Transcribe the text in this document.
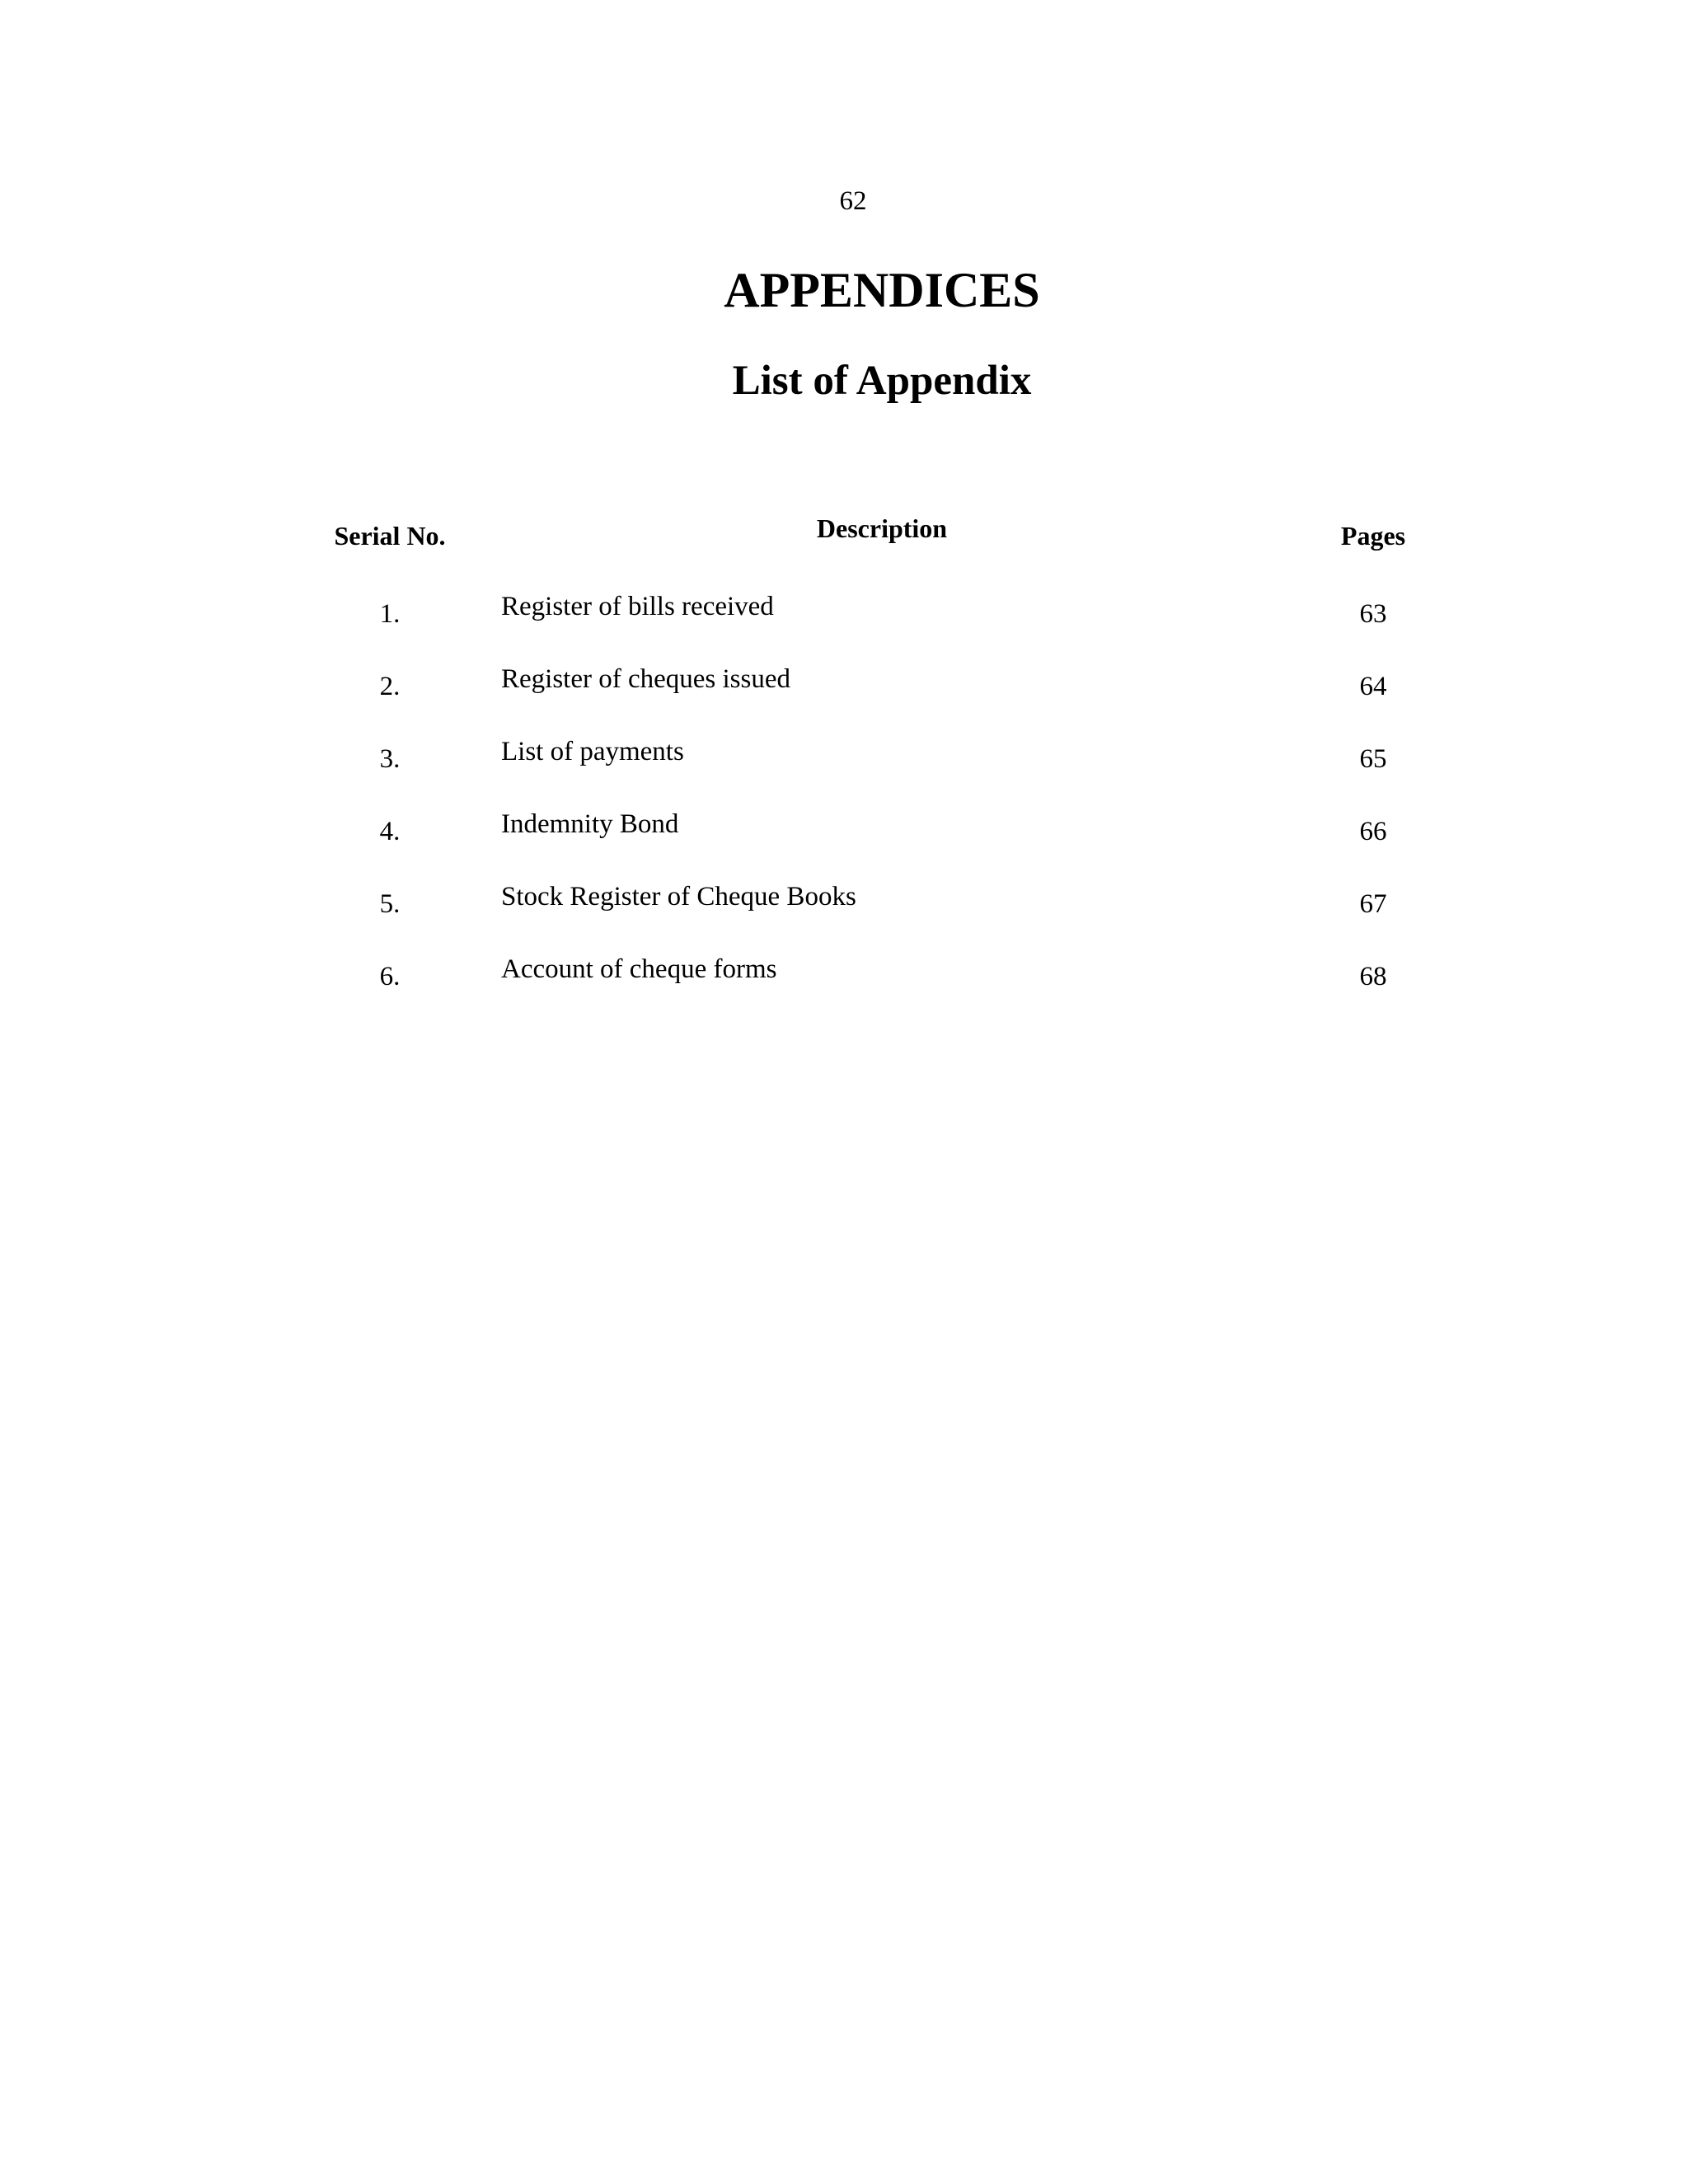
62
APPENDICES
List of Appendix
Serial No.	Description	Pages
1.	Register of bills received	63
2.	Register of cheques issued	64
3.	List of payments	65
4.	Indemnity Bond	66
5.	Stock Register of Cheque Books	67
6.	Account of cheque forms	68
